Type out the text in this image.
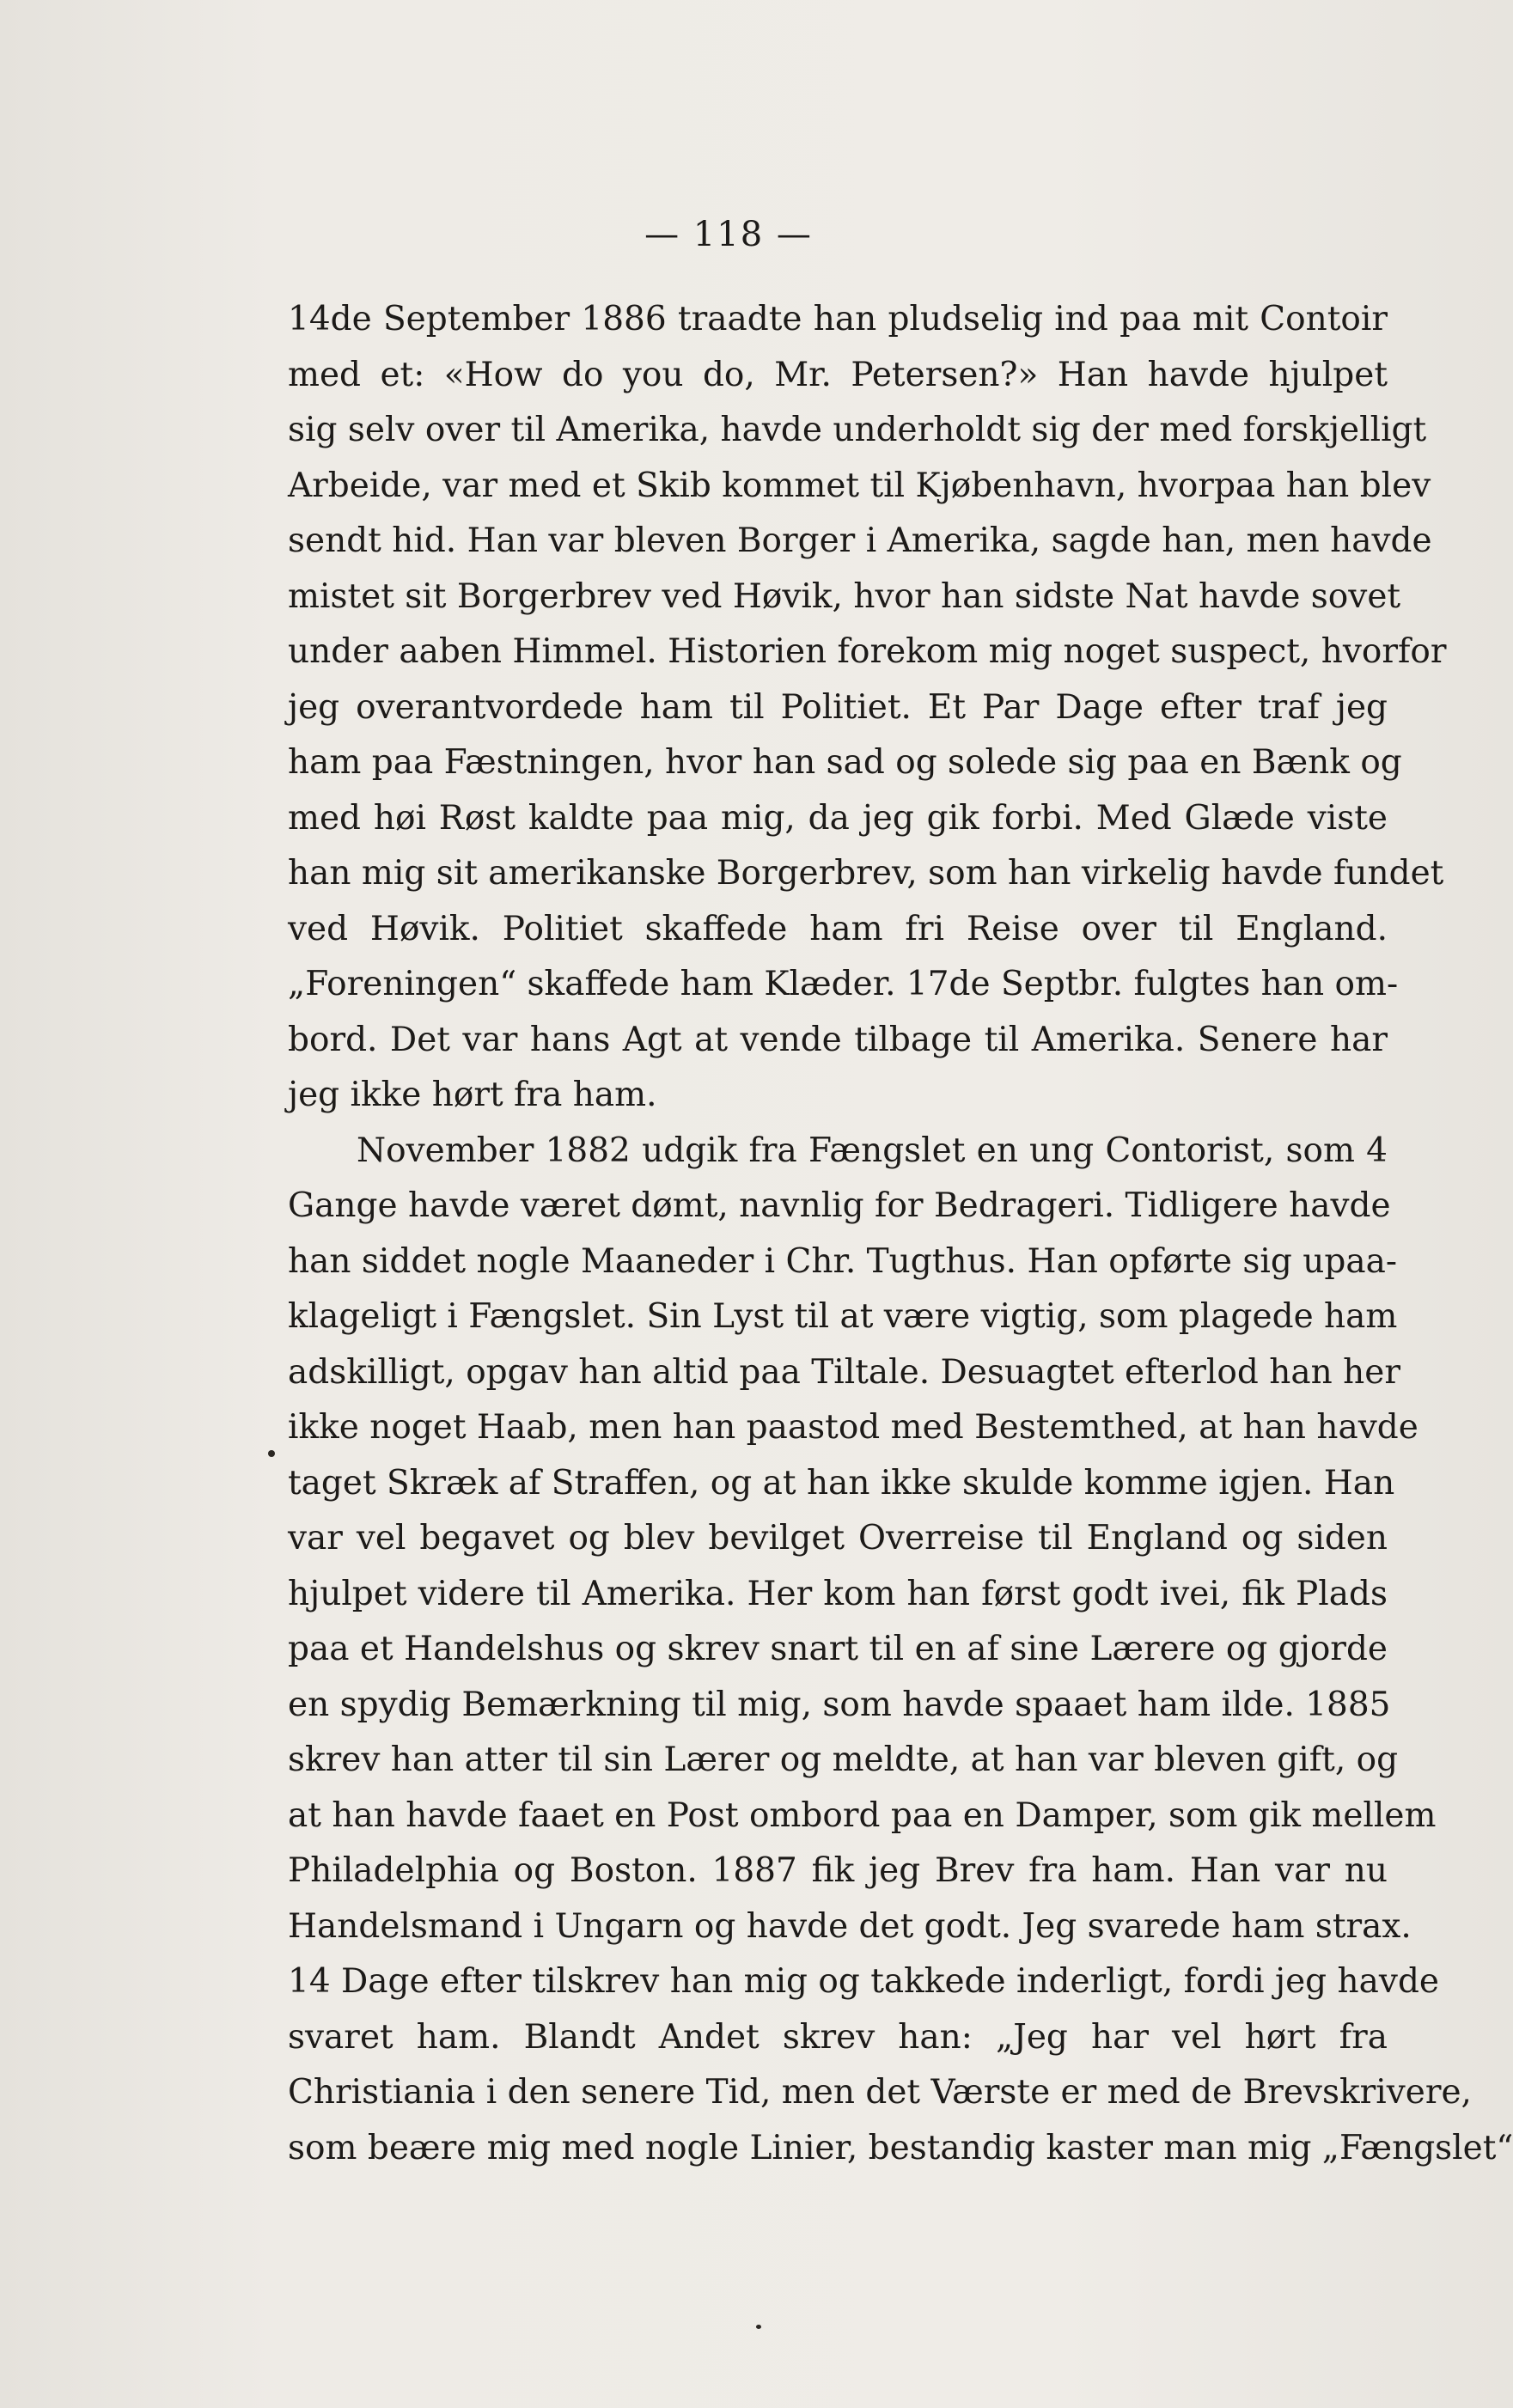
— 118 —
14de September 1886 traadte han pludselig ind paa mit Contoir
med et: «How do you do, Mr. Petersen?» Han havde hjulpet
sig selv over til Amerika, havde underholdt sig der med forskjelligt
Arbeide, var med et Skib kommet til Kjøbenhavn, hvorpaa han blev
sendt hid. Han var bleven Borger i Amerika, sagde han, men havde
mistet sit Borgerbrev ved Høvik, hvor han sidste Nat havde sovet
under aaben Himmel. Historien forekom mig noget suspect, hvorfor
jeg overantvordede ham til Politiet. Et Par Dage efter traf jeg
ham paa Fæstningen, hvor han sad og solede sig paa en Bænk og
med høi Røst kaldte paa mig, da jeg gik forbi. Med Glæde viste
han mig sit amerikanske Borgerbrev, som han virkelig havde fundet
ved Høvik. Politiet skaffede ham fri Reise over til England.
„Foreningen“ skaffede ham Klæder. 17de Septbr. fulgtes han om-
bord. Det var hans Agt at vende tilbage til Amerika. Senere har
jeg ikke hørt fra ham.
November 1882 udgik fra Fængslet en ung Contorist, som 4
Gange havde været dømt, navnlig for Bedrageri. Tidligere havde
han siddet nogle Maaneder i Chr. Tugthus. Han opførte sig upaa-
klageligt i Fængslet. Sin Lyst til at være vigtig, som plagede ham
adskilligt, opgav han altid paa Tiltale. Desuagtet efterlod han her
ikke noget Haab, men han paastod med Bestemthed, at han havde
taget Skræk af Straffen, og at han ikke skulde komme igjen. Han
var vel begavet og blev bevilget Overreise til England og siden
hjulpet videre til Amerika. Her kom han først godt ivei, fik Plads
paa et Handelshus og skrev snart til en af sine Lærere og gjorde
en spydig Bemærkning til mig, som havde spaaet ham ilde. 1885
skrev han atter til sin Lærer og meldte, at han var bleven gift, og
at han havde faaet en Post ombord paa en Damper, som gik mellem
Philadelphia og Boston. 1887 fik jeg Brev fra ham. Han var nu
Handelsmand i Ungarn og havde det godt. Jeg svarede ham strax.
14 Dage efter tilskrev han mig og takkede inderligt, fordi jeg havde
svaret ham. Blandt Andet skrev han: „Jeg har vel hørt fra
Christiania i den senere Tid, men det Værste er med de Brevskrivere,
som beære mig med nogle Linier, bestandig kaster man mig „Fængslet“
